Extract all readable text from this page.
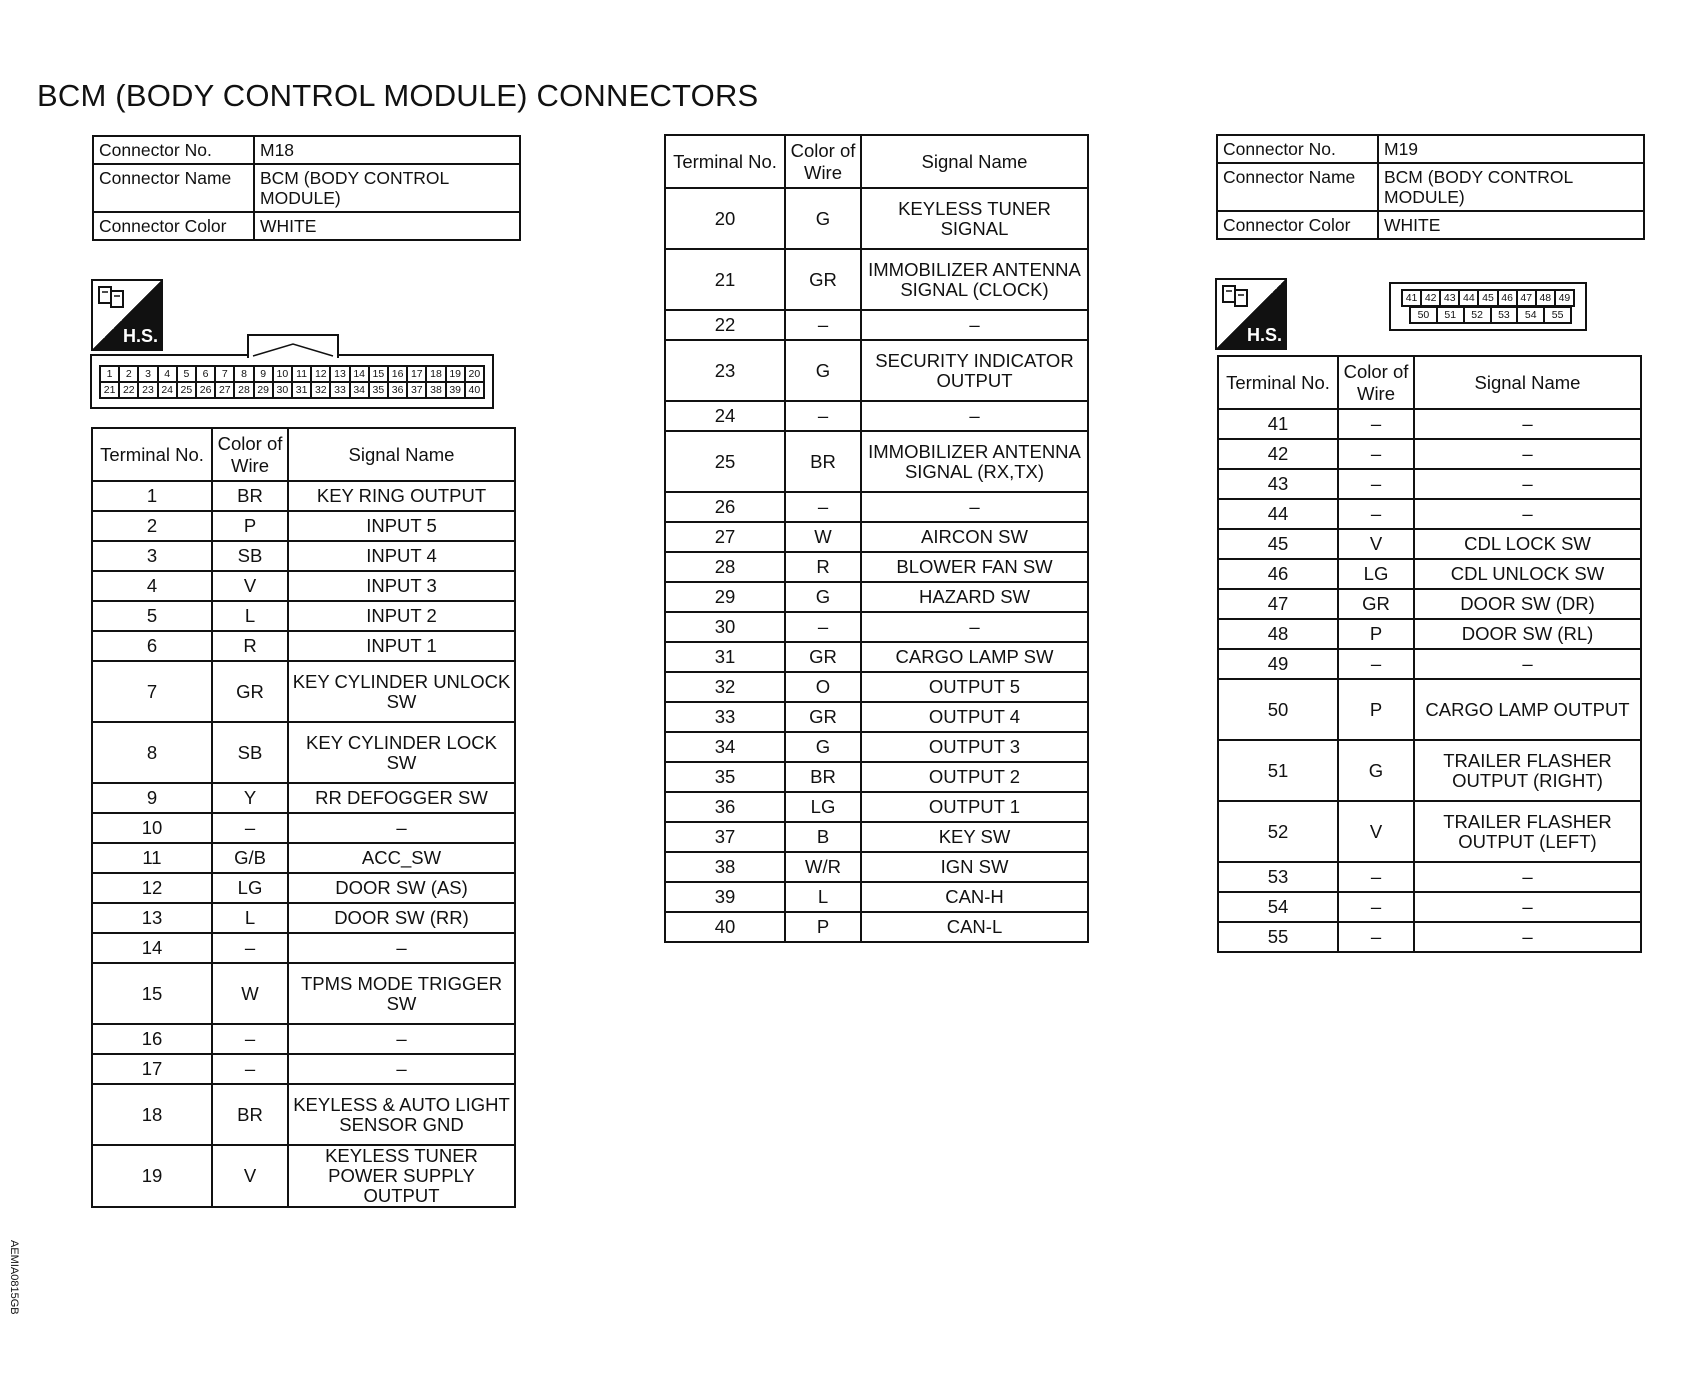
BCM (BODY CONTROL MODULE) CONNECTORS
Connector No.	M18
Connector Name	BCM (BODY CONTROL MODULE)
Connector Color	WHITE
H.S.
1	2	3	4	5	6	7	8	9 10 11 12 13 14 15 16 17 18 19 20
21 22 23 24 25 26 27 28 29 30 31 32 33 34 35 36 37 38 39 40
Terminal No.	Color of Wire	Signal Name
1	BR	KEY RING OUTPUT
2	P	INPUT 5
3	SB	INPUT 4
4	V	INPUT 3
5	L	INPUT 2
6	R	INPUT 1
7	GR	KEY CYLINDER UNLOCK SW
8	SB	KEY CYLINDER LOCK SW
9	Y	RR DEFOGGER SW
10	–	–
11	G/B	ACC_SW
12	LG	DOOR SW (AS)
13	L	DOOR SW (RR)
14	–	–
15	W	TPMS MODE TRIGGER SW
16	–	–
17	–	–
18	BR	KEYLESS & AUTO LIGHT SENSOR GND
19	V	KEYLESS TUNER POWER SUPPLY OUTPUT
Terminal No.	Color of Wire	Signal Name
20	G	KEYLESS TUNER SIGNAL
21	GR	IMMOBILIZER ANTENNA SIGNAL (CLOCK)
22	–	–
23	G	SECURITY INDICATOR OUTPUT
24	–	–
25	BR	IMMOBILIZER ANTENNA SIGNAL (RX,TX)
26	–	–
27	W	AIRCON SW
28	R	BLOWER FAN SW
29	G	HAZARD SW
30	–	–
31	GR	CARGO LAMP SW
32	O	OUTPUT 5
33	GR	OUTPUT 4
34	G	OUTPUT 3
35	BR	OUTPUT 2
36	LG	OUTPUT 1
37	B	KEY SW
38	W/R	IGN SW
39	L	CAN-H
40	P	CAN-L
Connector No.	M19
Connector Name	BCM (BODY CONTROL MODULE)
Connector Color	WHITE
H.S.
41 42 43 44 45 46 47 48 49
50	51	52	53	54	55
Terminal No.	Color of Wire	Signal Name
41	–	–
42	–	–
43	–	–
44	–	–
45	V	CDL LOCK SW
46	LG	CDL UNLOCK SW
47	GR	DOOR SW (DR)
48	P	DOOR SW (RL)
49	–	–
50	P	CARGO LAMP OUTPUT
51	G	TRAILER FLASHER OUTPUT (RIGHT)
52	V	TRAILER FLASHER OUTPUT (LEFT)
53	–	–
54	–	–
55	–	–
AEMIA0815GB
